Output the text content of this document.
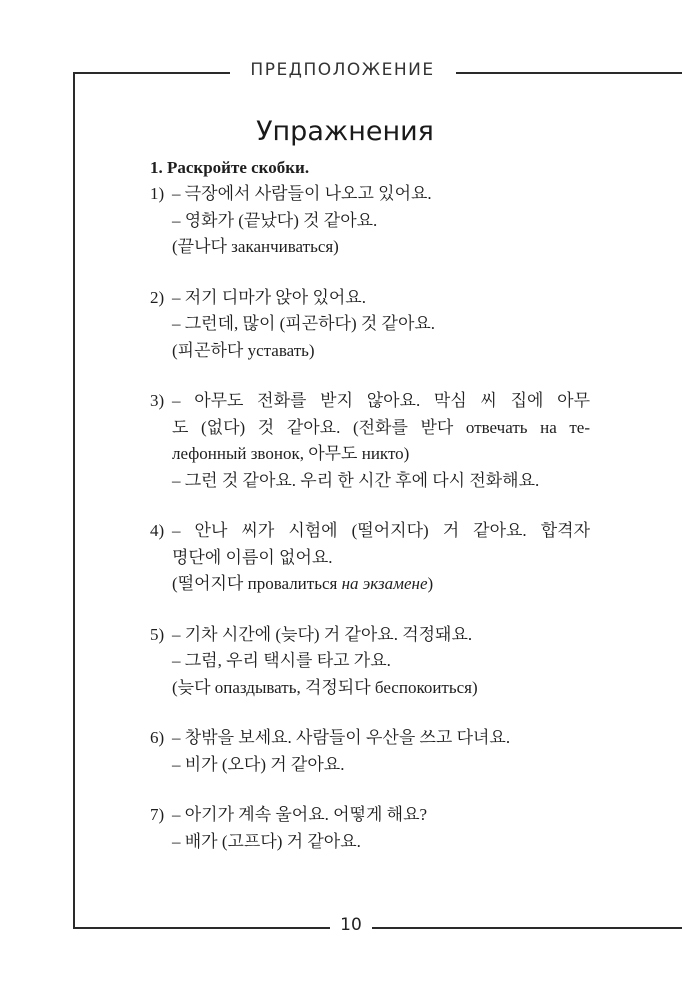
ПРЕДПОЛОЖЕНИЕ
10
Упражнения
1. Раскройте скобки.
1) – 극장에서 사람들이 나오고 있어요.
– 영화가 (끝났다) 것 같아요.
(끝나다 заканчиваться)
2) – 저기 디마가 앉아 있어요.
– 그런데, 많이 (피곤하다) 것 같아요.
(피곤하다 уставать)
3) – 아무도 전화를 받지 않아요. 막심 씨 집에 아무
도 (없다) 것 같아요. (전화를 받다 отвечать на те-
лефонный звонок, 아무도 никто)
– 그런 것 같아요. 우리 한 시간 후에 다시 전화해요.
4) – 안나 씨가 시험에 (떨어지다) 거 같아요. 합격자
명단에 이름이 없어요.
(떨어지다 провалиться на экзамене)
5) – 기차 시간에 (늦다) 거 같아요. 걱정돼요.
– 그럼, 우리 택시를 타고 가요.
(늦다 опаздывать, 걱정되다 беспокоиться)
6) – 창밖을 보세요. 사람들이 우산을 쓰고 다녀요.
– 비가 (오다) 거 같아요.
7) – 아기가 계속 울어요. 어떻게 해요?
– 배가 (고프다) 거 같아요.
